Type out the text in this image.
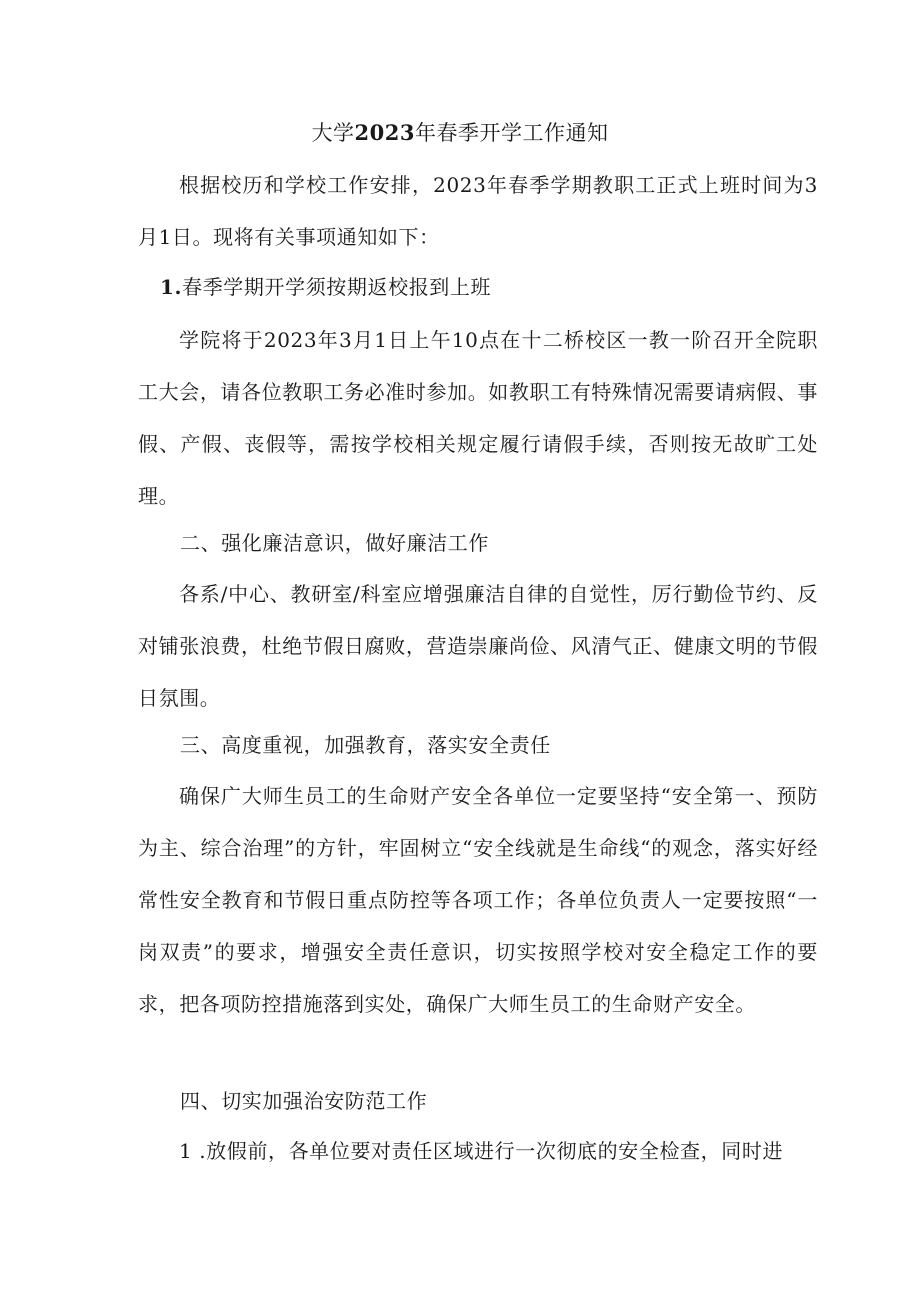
大学2023年春季开学工作通知

根据校历和学校工作安排，2023年春季学期教职工正式上班时间为3月1日。现将有关事项通知如下：

1.春季学期开学须按期返校报到上班

学院将于2023年3月1日上午10点在十二桥校区一教一阶召开全院职工大会，请各位教职工务必准时参加。如教职工有特殊情况需要请病假、事假、产假、丧假等，需按学校相关规定履行请假手续，否则按无故旷工处理。

二、强化廉洁意识，做好廉洁工作

各系/中心、教研室/科室应增强廉洁自律的自觉性，厉行勤俭节约、反对铺张浪费，杜绝节假日腐败，营造崇廉尚俭、风清气正、健康文明的节假日氛围。

三、高度重视，加强教育，落实安全责任

确保广大师生员工的生命财产安全各单位一定要坚持“安全第一、预防为主、综合治理”的方针，牢固树立“安全线就是生命线“的观念，落实好经常性安全教育和节假日重点防控等各项工作；各单位负责人一定要按照“一岗双责”的要求，增强安全责任意识，切实按照学校对安全稳定工作的要求，把各项防控措施落到实处，确保广大师生员工的生命财产安全。

四、切实加强治安防范工作

1 .放假前，各单位要对责任区域进行一次彻底的安全检查，同时进
